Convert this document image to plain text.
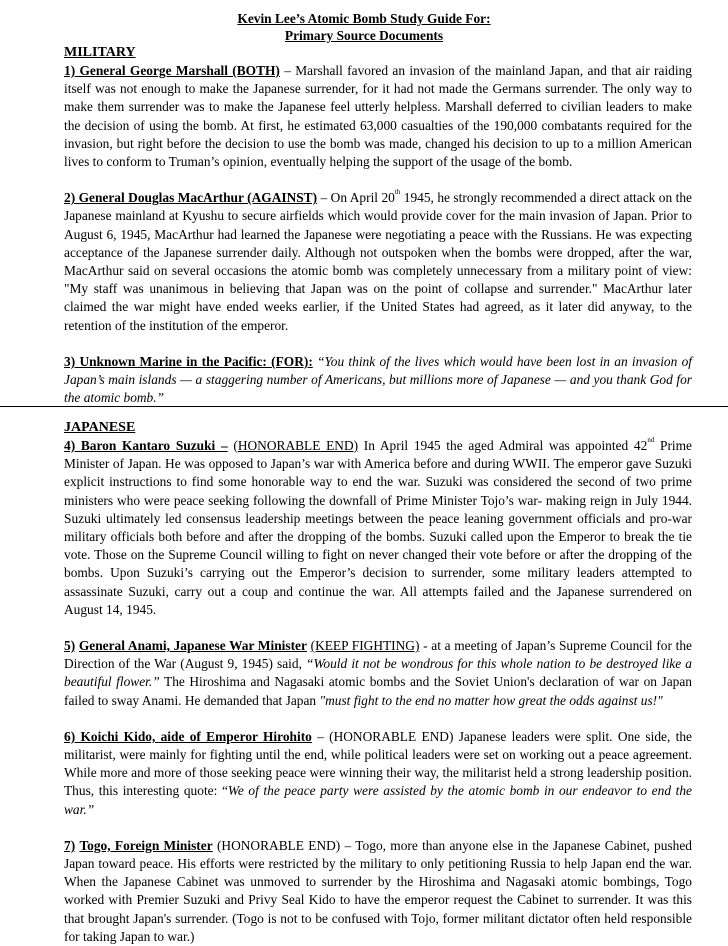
Kevin Lee’s Atomic Bomb Study Guide For:
Primary Source Documents
MILITARY

1) General George Marshall (BOTH) – Marshall favored an invasion of the mainland Japan, and that air raiding itself was not enough to make the Japanese surrender, for it had not made the Germans surrender. The only way to make them surrender was to make the Japanese feel utterly helpless. Marshall deferred to civilian leaders to make the decision of using the bomb. At first, he estimated 63,000 casualties of the 190,000 combatants required for the invasion, but right before the decision to use the bomb was made, changed his decision to up to a million American lives to conform to Truman’s opinion, eventually helping the support of the usage of the bomb.

2) General Douglas MacArthur (AGAINST) – On April 20th 1945, he strongly recommended a direct attack on the Japanese mainland at Kyushu to secure airfields which would provide cover for the main invasion of Japan. Prior to August 6, 1945, MacArthur had learned the Japanese were negotiating a peace with the Russians. He was expecting acceptance of the Japanese surrender daily. Although not outspoken when the bombs were dropped, after the war, MacArthur said on several occasions the atomic bomb was completely unnecessary from a military point of view: "My staff was unanimous in believing that Japan was on the point of collapse and surrender." MacArthur later claimed the war might have ended weeks earlier, if the United States had agreed, as it later did anyway, to the retention of the institution of the emperor.

3) Unknown Marine in the Pacific: (FOR): “You think of the lives which would have been lost in an invasion of Japan’s main islands — a staggering number of Americans, but millions more of Japanese — and you thank God for the atomic bomb.”

JAPANESE

4) Baron Kantaro Suzuki – (HONORABLE END) In April 1945 the aged Admiral was appointed 42nd Prime Minister of Japan. He was opposed to Japan’s war with America before and during WWII. The emperor gave Suzuki explicit instructions to find some honorable way to end the war. Suzuki was considered the second of two prime ministers who were peace seeking following the downfall of Prime Minister Tojo’s war- making reign in July 1944. Suzuki ultimately led consensus leadership meetings between the peace leaning government officials and pro-war military officials both before and after the dropping of the bombs. Suzuki called upon the Emperor to break the tie vote. Those on the Supreme Council willing to fight on never changed their vote before or after the dropping of the bombs. Upon Suzuki’s carrying out the Emperor’s decision to surrender, some military leaders attempted to assassinate Suzuki, carry out a coup and continue the war. All attempts failed and the Japanese surrendered on August 14, 1945.

5) General Anami, Japanese War Minister (KEEP FIGHTING) - at a meeting of Japan’s Supreme Council for the Direction of the War (August 9, 1945) said, “Would it not be wondrous for this whole nation to be destroyed like a beautiful flower.” The Hiroshima and Nagasaki atomic bombs and the Soviet Union's declaration of war on Japan failed to sway Anami. He demanded that Japan "must fight to the end no matter how great the odds against us!"

6) Koichi Kido, aide of Emperor Hirohito – (HONORABLE END) Japanese leaders were split. One side, the militarist, were mainly for fighting until the end, while political leaders were set on working out a peace agreement. While more and more of those seeking peace were winning their way, the militarist held a strong leadership position. Thus, this interesting quote: “We of the peace party were assisted by the atomic bomb in our endeavor to end the war.”

7) Togo, Foreign Minister (HONORABLE END) – Togo, more than anyone else in the Japanese Cabinet, pushed Japan toward peace. His efforts were restricted by the military to only petitioning Russia to help Japan end the war. When the Japanese Cabinet was unmoved to surrender by the Hiroshima and Nagasaki atomic bombings, Togo worked with Premier Suzuki and Privy Seal Kido to have the emperor request the Cabinet to surrender. It was this that brought Japan's surrender. (Togo is not to be confused with Tojo, former militant dictator often held responsible for taking Japan to war.)
